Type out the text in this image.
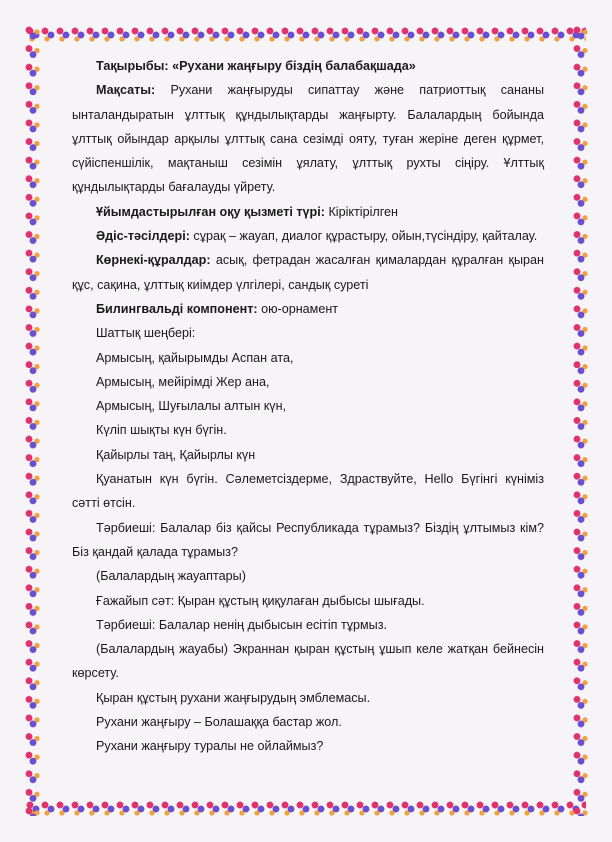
Тақырыбы: «Рухани жаңғыру біздің балабақшада»

Мақсаты: Рухани жаңғыруды сипаттау және патриоттық сананы ынталандыратын ұлттық құндылықтарды жаңғырту. Балалардың бойында ұлттық ойындар арқылы ұлттық сана сезімді ояту, туған жеріне деген құрмет, сүйіспеншілік, мақтаныш сезімін ұялату, ұлттық рухты сіңіру. Ұлттық құндылықтарды бағалауды үйрету.

Ұйымдастырылған оқу қызметі түрі: Кіріктірілген

Әдіс-тәсілдері: сұрақ – жауап, диалог құрастыру, ойын,түсіндіру, қайталау.

Көрнекі-құралдар: асық, фетрадан жасалған қималардан құралған қыран құс, сақина, ұлттық киімдер үлгілері, сандық суреті

Билингвальді компонент: ою-орнамент

Шаттық шеңбері:

Армысың, қайырымды Аспан ата,

Армысың, мейірімді Жер ана,

Армысың, Шуғылалы алтын күн,

Күліп шықты күн бүгін.

Қайырлы таң, Қайырлы күн

Қуанатын күн бүгін. Сәлеметсіздерме, Здраствуйте, Hello Бүгінгі күніміз сәтті өтсін.

Тәрбиеші: Балалар біз қайсы Республикада тұрамыз? Біздің ұлтымыз кім? Біз қандай қалада тұрамыз?

(Балалардың жауаптары)

Ғажайып сәт: Қыран құстың қиқулаған дыбысы шығады.

Тәрбиеші: Балалар ненің дыбысын есітіп тұрмыз.

(Балалардың жауабы) Экраннан қыран құстың ұшып келе жатқан бейнесін көрсету.

Қыран құстың рухани жаңғырудың эмблемасы.

Рухани жаңғыру – Болашаққа бастар жол.

Рухани жаңғыру туралы не ойлаймыз?
